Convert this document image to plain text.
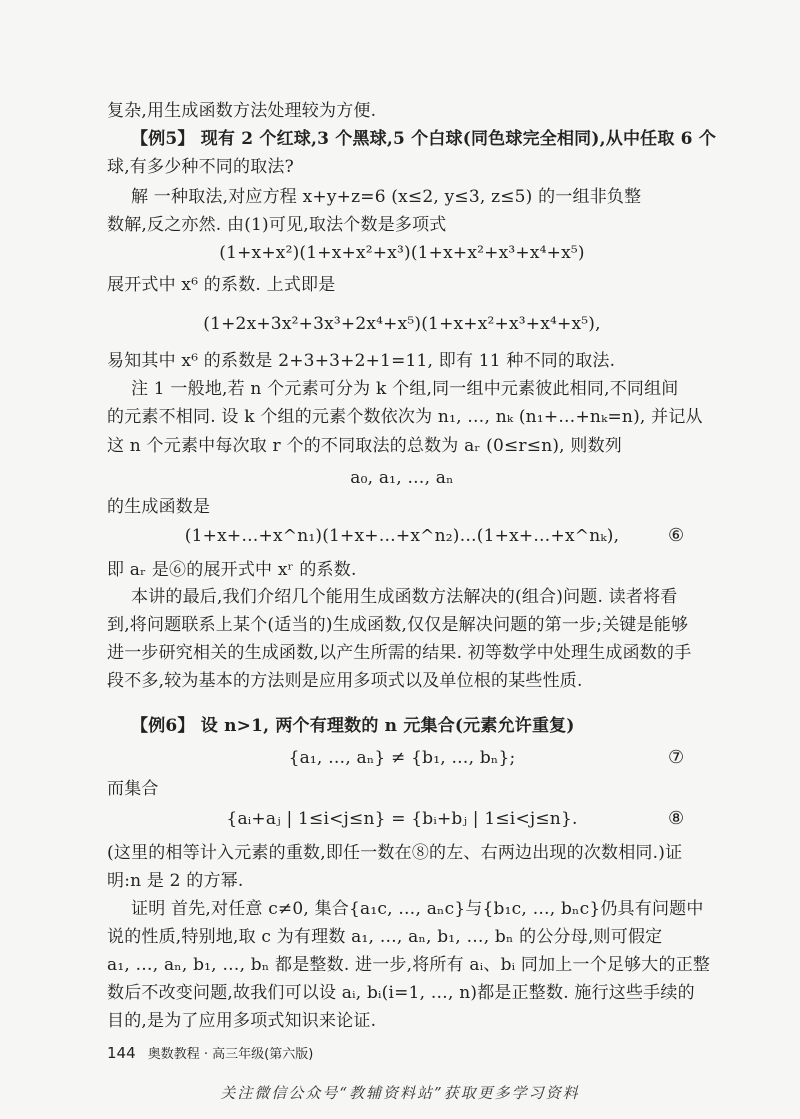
复杂,用生成函数方法处理较为方便.
【例5】 现有 2 个红球,3 个黑球,5 个白球(同色球完全相同),从中任取 6 个
球,有多少种不同的取法?
解 一种取法,对应方程 x+y+z=6 (x≤2, y≤3, z≤5) 的一组非负整
数解,反之亦然. 由(1)可见,取法个数是多项式
(1+x+x²)(1+x+x²+x³)(1+x+x²+x³+x⁴+x⁵)
展开式中 x⁶ 的系数. 上式即是
(1+2x+3x²+3x³+2x⁴+x⁵)(1+x+x²+x³+x⁴+x⁵),
易知其中 x⁶ 的系数是 2+3+3+2+1=11, 即有 11 种不同的取法.
注 1 一般地,若 n 个元素可分为 k 个组,同一组中元素彼此相同,不同组间
的元素不相同. 设 k 个组的元素个数依次为 n₁, …, nₖ (n₁+…+nₖ=n), 并记从
这 n 个元素中每次取 r 个的不同取法的总数为 aᵣ (0≤r≤n), 则数列
a₀, a₁, …, aₙ
的生成函数是
(1+x+…+x^n₁)(1+x+…+x^n₂)…(1+x+…+x^nₖ),	⑥
即 aᵣ 是⑥的展开式中 xʳ 的系数.
本讲的最后,我们介绍几个能用生成函数方法解决的(组合)问题. 读者将看
到,将问题联系上某个(适当的)生成函数,仅仅是解决问题的第一步;关键是能够
进一步研究相关的生成函数,以产生所需的结果. 初等数学中处理生成函数的手
段不多,较为基本的方法则是应用多项式以及单位根的某些性质.
【例6】 设 n>1, 两个有理数的 n 元集合(元素允许重复)
{a₁, …, aₙ} ≠ {b₁, …, bₙ};	⑦
而集合
{aᵢ+aⱼ | 1≤i<j≤n} = {bᵢ+bⱼ | 1≤i<j≤n}.	⑧
(这里的相等计入元素的重数,即任一数在⑧的左、右两边出现的次数相同.)证
明:n 是 2 的方幂.
证明 首先,对任意 c≠0, 集合{a₁c, …, aₙc}与{b₁c, …, bₙc}仍具有问题中
说的性质,特别地,取 c 为有理数 a₁, …, aₙ, b₁, …, bₙ 的公分母,则可假定
a₁, …, aₙ, b₁, …, bₙ 都是整数. 进一步,将所有 aᵢ、bᵢ 同加上一个足够大的正整
数后不改变问题,故我们可以设 aᵢ, bᵢ(i=1, …, n)都是正整数. 施行这些手续的
目的,是为了应用多项式知识来论证.
144 奥数教程 · 高三年级(第六版)
关注微信公众号“教辅资料站”获取更多学习资料
